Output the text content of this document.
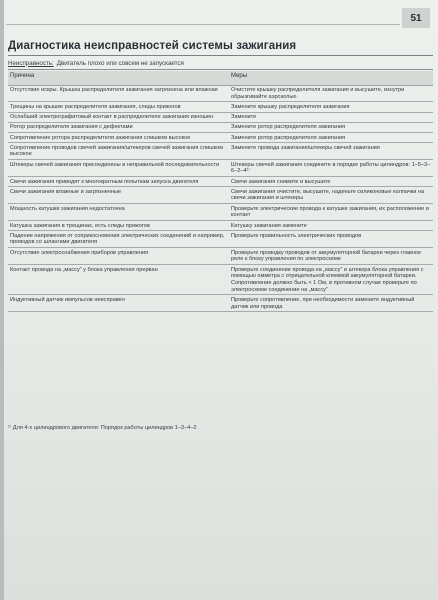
51
Диагностика неисправностей системы зажигания
Неисправность: Двигатель плохо или совсем не запускается
Причина	Меры
Отсутствие искры. Крышка распределителя зажигания загрязнена или влажная	Очистите крышку распределителя зажигания и высушите, изнутри обрызгивайте аэрозолью
Трещины на крышке распределителя зажигания, следы прижогов	Замените крышку распределителя зажигания
Ослабший электрографитовый контакт в распределителе зажигания изношен	Замените
Ротор распределителя зажигания с дефектами	Замените ротор распределителя зажигания
Сопротивление ротора распределителя зажигания слишком высокое	Замените ротор распределителя зажигания
Сопротивление проводов свечей зажигания/штекеров свечей зажигания слишком высокое	Замените провода зажигания/штекеры свечей зажигания
Штекеры свечей зажигания присоединены в неправильной последовательности	Штекеры свечей зажигания соедините в порядке работы цилиндров: 1–5–3–6–2–4¹⁾
Свечи зажигания приводят к многократным попыткам запуска двигателя	Свечи зажигания снимите и высушите
Свечи зажигания влажные и загрязненные	Свечи зажигания очистите, высушите, наденьте силиконовые колпачки на свечи зажигания и штекеры
Мощность катушки зажигания недостаточна	Проверьте электрические провода к катушке зажигания, их расположение и контакт
Катушка зажигания в трещинах, есть следы прижогов	Катушку зажигания замените
Падение напряжения от соприкосновения электрических соединений и например, проводов со шлангами двигателя	Проверьте правильность электрических проводов
Отсутствие электроснабжения приборов управления	Проверьте проводку проводов от аккумуляторной батареи через главное реле к блоку управления по электросхеме
Контакт провода на „массу“ у блока управления прерван	Проверьте соединение провода на „массу“ и штекера блока управления с помощью омметра с отрицательной клеммой аккумуляторной батареи. Сопротивление должно быть < 1 Ом, в противном случае проверьте по электросхеме соединение на „массу“
Индуктивный датчик импульсов неисправен	Проверьте сопротивление, при необходимости замените индуктивный датчик или провода
¹⁾ Для 4-х цилиндрового двигателя: Порядок работы цилиндров 1–3–4–2
